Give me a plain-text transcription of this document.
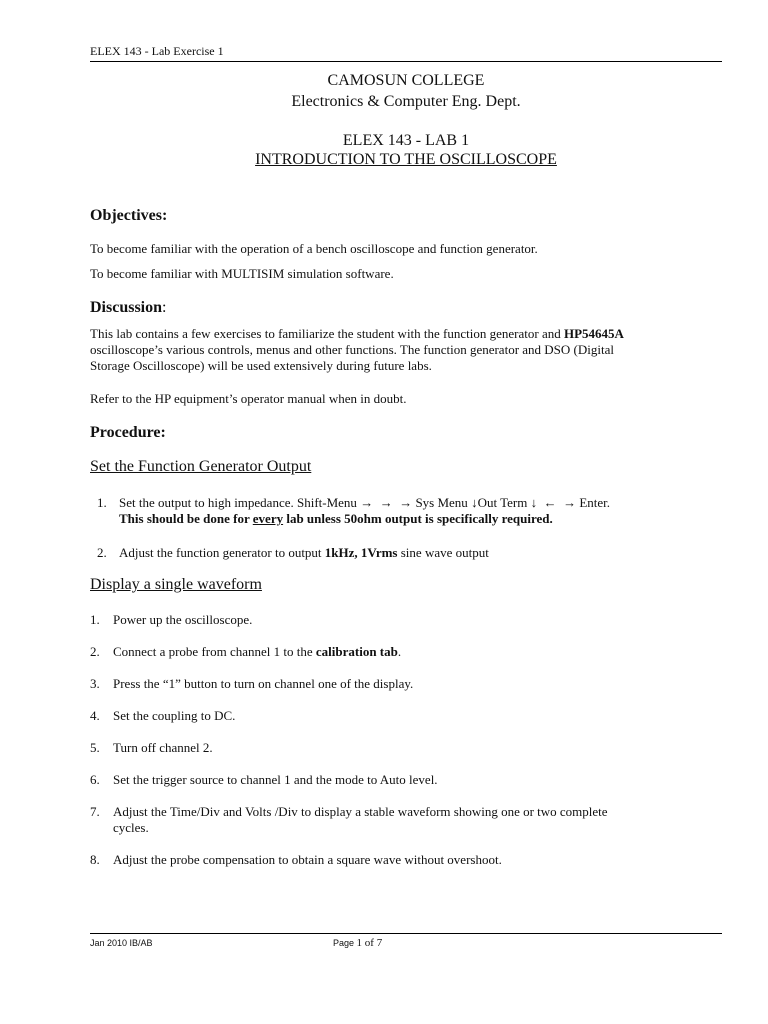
ELEX 143 - Lab Exercise 1
CAMOSUN COLLEGE
Electronics & Computer Eng. Dept.
ELEX 143 - LAB 1
INTRODUCTION TO THE OSCILLOSCOPE
Objectives:
To become familiar with the operation of a bench oscilloscope and function generator.
To become familiar with MULTISIM simulation software.
Discussion:
This lab contains a few exercises to familiarize the student with the function generator and HP54645A
oscilloscope’s various controls, menus and other functions. The function generator and DSO (Digital
Storage Oscilloscope) will be used extensively during future labs.
Refer to the HP equipment’s operator manual when in doubt.
Procedure:
Set the Function Generator Output
1. Set the output to high impedance. Shift-Menu → → → Sys Menu ↓Out Term ↓ ← → Enter.
This should be done for every lab unless 50ohm output is specifically required.
2. Adjust the function generator to output 1kHz, 1Vrms sine wave output
Display a single waveform
1. Power up the oscilloscope.
2. Connect a probe from channel 1 to the calibration tab.
3. Press the “1” button to turn on channel one of the display.
4. Set the coupling to DC.
5. Turn off channel 2.
6. Set the trigger source to channel 1 and the mode to Auto level.
7. Adjust the Time/Div and Volts /Div to display a stable waveform showing one or two complete
cycles.
8. Adjust the probe compensation to obtain a square wave without overshoot.
Jan 2010 IB/AB	Page 1 of 7
